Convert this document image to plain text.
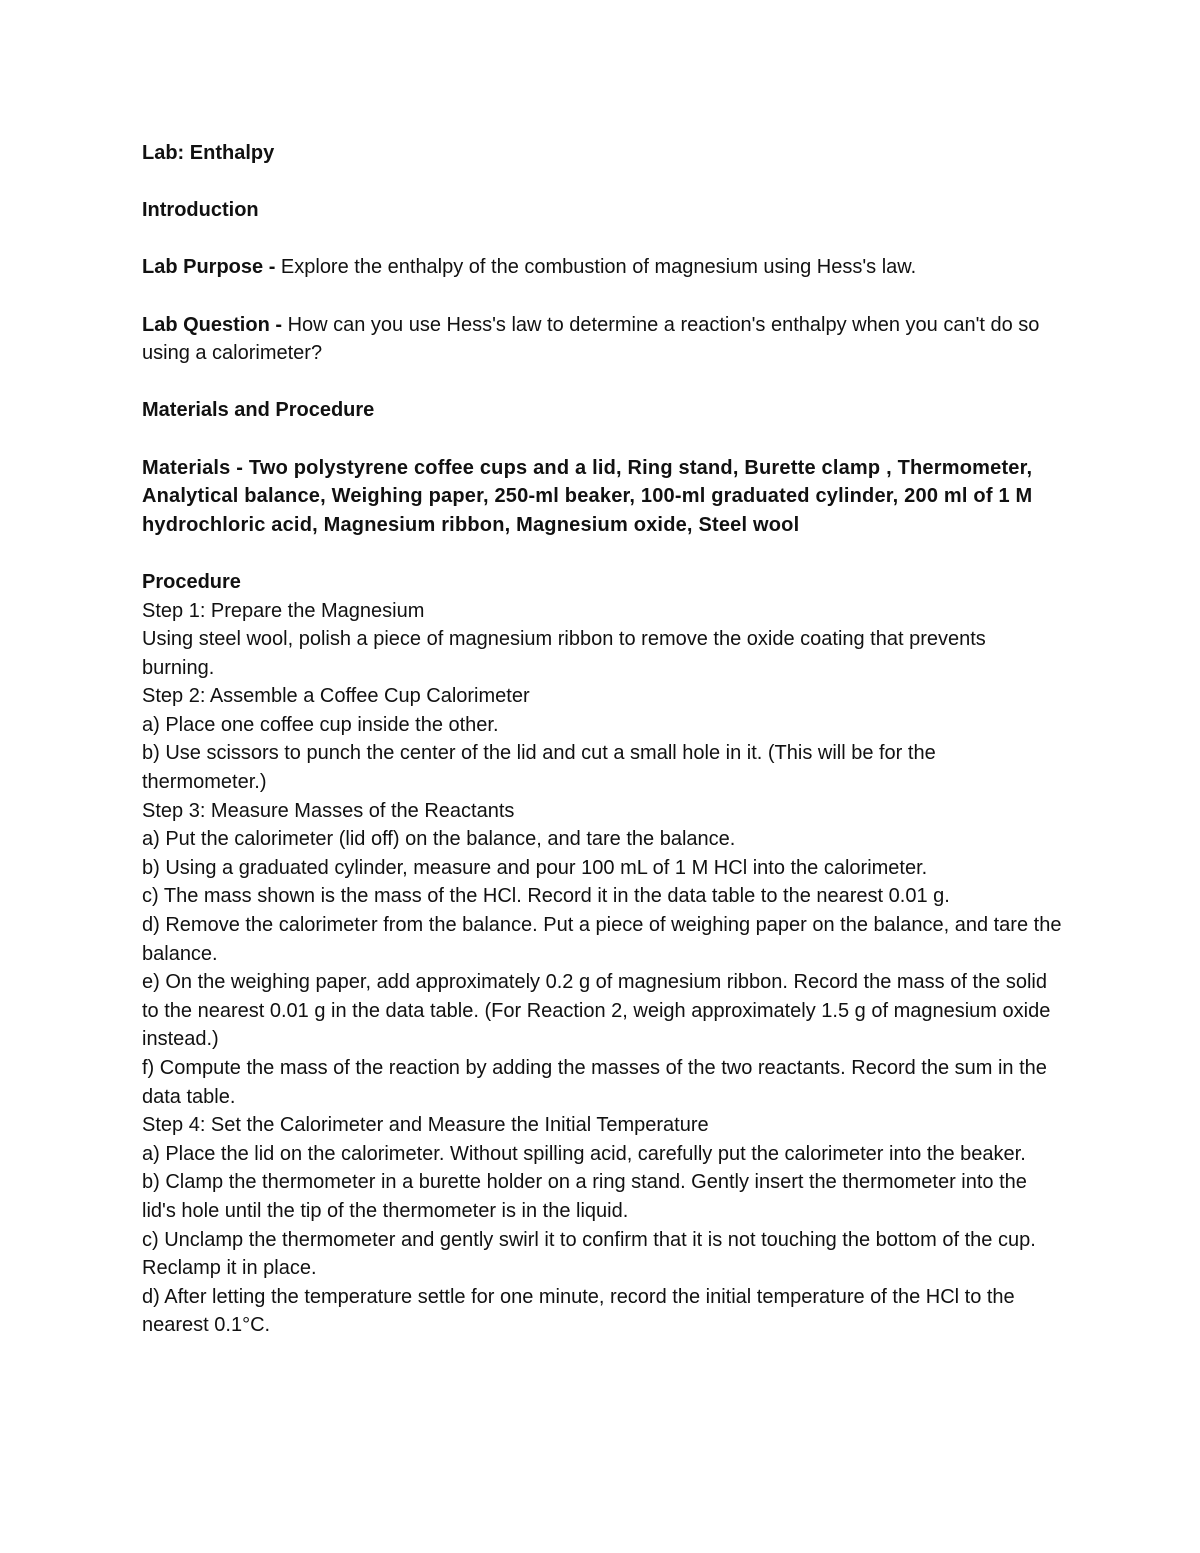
Lab: Enthalpy

Introduction

Lab Purpose - Explore the enthalpy of the combustion of magnesium using Hess's law.

Lab Question - How can you use Hess's law to determine a reaction's enthalpy when you can't do so using a calorimeter?

Materials and Procedure

Materials - Two polystyrene coffee cups and a lid, Ring stand, Burette clamp , Thermometer, Analytical balance, Weighing paper, 250-ml beaker, 100-ml graduated cylinder, 200 ml of 1 M hydrochloric acid, Magnesium ribbon, Magnesium oxide, Steel wool

Procedure

Step 1: Prepare the Magnesium

Using steel wool, polish a piece of magnesium ribbon to remove the oxide coating that prevents burning.

Step 2: Assemble a Coffee Cup Calorimeter

a) Place one coffee cup inside the other.

b) Use scissors to punch the center of the lid and cut a small hole in it. (This will be for the thermometer.)

Step 3: Measure Masses of the Reactants

a) Put the calorimeter (lid off) on the balance, and tare the balance.

b) Using a graduated cylinder, measure and pour 100 mL of 1 M HCl into the calorimeter.

c) The mass shown is the mass of the HCl. Record it in the data table to the nearest 0.01 g.

d) Remove the calorimeter from the balance. Put a piece of weighing paper on the balance, and tare the balance.

e) On the weighing paper, add approximately 0.2 g of magnesium ribbon. Record the mass of the solid to the nearest 0.01 g in the data table. (For Reaction 2, weigh approximately 1.5 g of magnesium oxide instead.)

f) Compute the mass of the reaction by adding the masses of the two reactants. Record the sum in the data table.

Step 4: Set the Calorimeter and Measure the Initial Temperature

a) Place the lid on the calorimeter. Without spilling acid, carefully put the calorimeter into the beaker.

b) Clamp the thermometer in a burette holder on a ring stand. Gently insert the thermometer into the lid's hole until the tip of the thermometer is in the liquid.

c) Unclamp the thermometer and gently swirl it to confirm that it is not touching the bottom of the cup. Reclamp it in place.

d) After letting the temperature settle for one minute, record the initial temperature of the HCl to the nearest 0.1°C.
